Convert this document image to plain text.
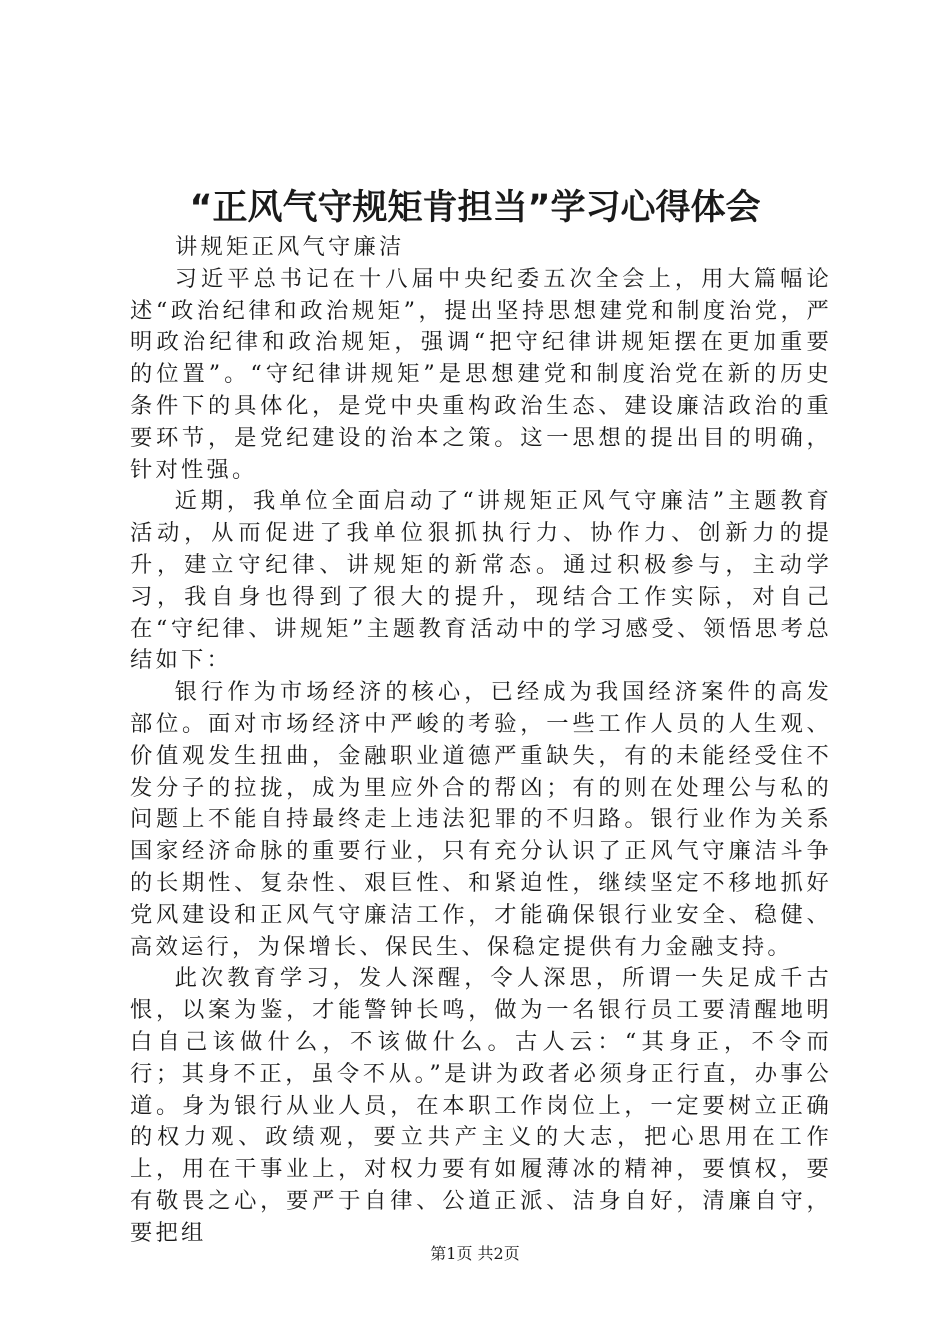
“正风气守规矩肯担当”学习心得体会
讲规矩正风气守廉洁

习近平总书记在十八届中央纪委五次全会上，用大篇幅论述“政治纪律和政治规矩”，提出坚持思想建党和制度治党，严明政治纪律和政治规矩，强调“把守纪律讲规矩摆在更加重要的位置”。“守纪律讲规矩”是思想建党和制度治党在新的历史条件下的具体化，是党中央重构政治生态、建设廉洁政治的重要环节，是党纪建设的治本之策。这一思想的提出目的明确，针对性强。

近期，我单位全面启动了“讲规矩正风气守廉洁”主题教育活动，从而促进了我单位狠抓执行力、协作力、创新力的提升，建立守纪律、讲规矩的新常态。通过积极参与，主动学习，我自身也得到了很大的提升，现结合工作实际，对自己在“守纪律、讲规矩”主题教育活动中的学习感受、领悟思考总结如下：

银行作为市场经济的核心，已经成为我国经济案件的高发部位。面对市场经济中严峻的考验，一些工作人员的人生观、价值观发生扭曲，金融职业道德严重缺失，有的未能经受住不发分子的拉拢，成为里应外合的帮凶；有的则在处理公与私的问题上不能自持最终走上违法犯罪的不归路。银行业作为关系国家经济命脉的重要行业，只有充分认识了正风气守廉洁斗争的长期性、复杂性、艰巨性、和紧迫性，继续坚定不移地抓好党风建设和正风气守廉洁工作，才能确保银行业安全、稳健、高效运行，为保增长、保民生、保稳定提供有力金融支持。

此次教育学习，发人深醒，令人深思，所谓一失足成千古恨，以案为鉴，才能警钟长鸣，做为一名银行员工要清醒地明白自己该做什么，不该做什么。古人云：“其身正，不令而行；其身不正，虽令不从。”是讲为政者必须身正行直，办事公道。身为银行从业人员，在本职工作岗位上，一定要树立正确的权力观、政绩观，要立共产主义的大志，把心思用在工作上，用在干事业上，对权力要有如履薄冰的精神，要慎权，要有敬畏之心，要严于自律、公道正派、洁身自好，清廉自守，要把组

第1页 共2页
